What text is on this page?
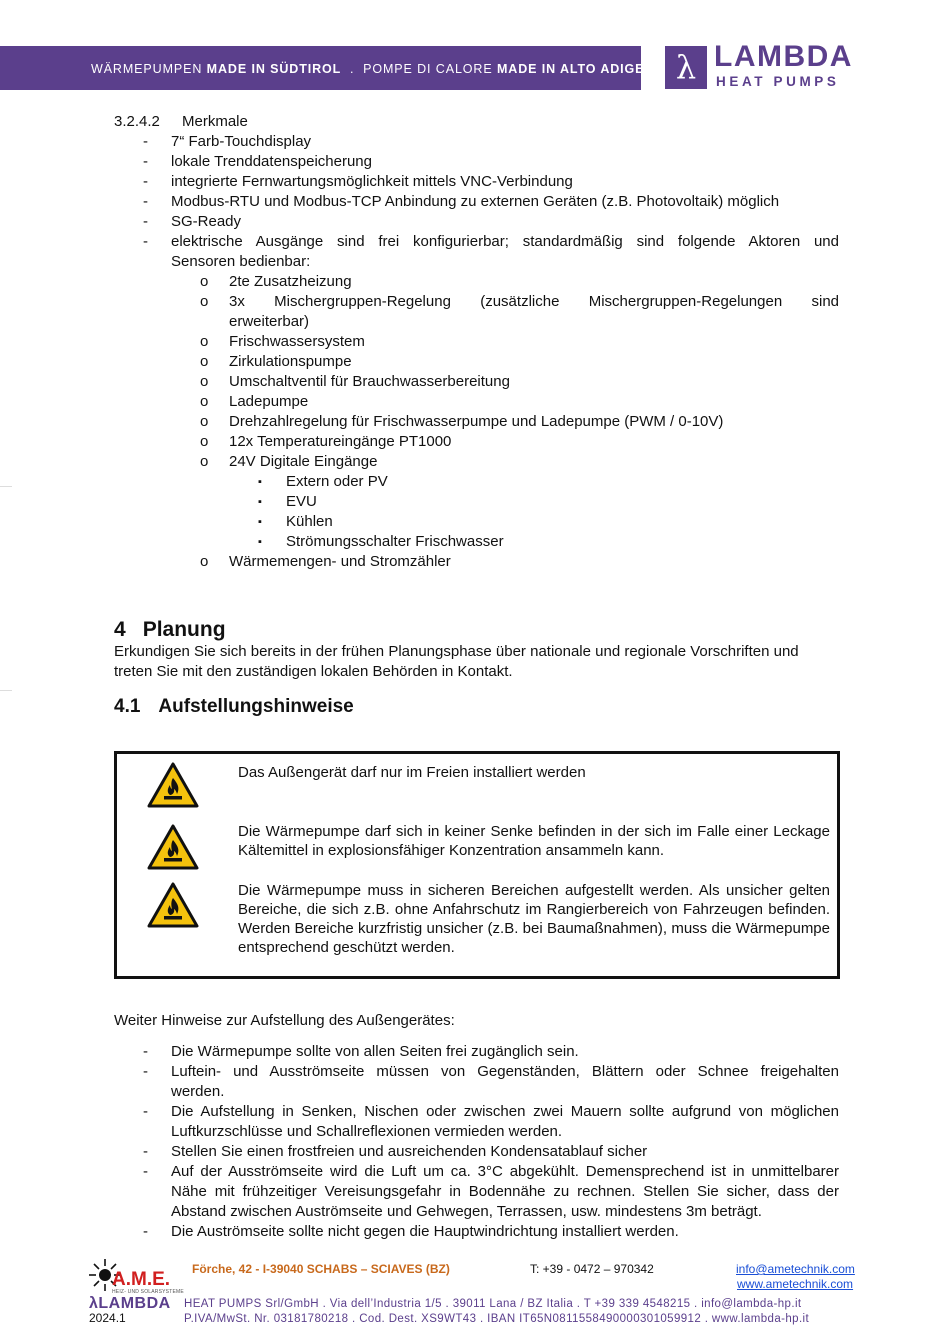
WÄRMEPUMPEN MADE IN SÜDTIROL  .  POMPE DI CALORE MADE IN ALTO ADIGE λ LAMBDA
HEAT PUMPS
3.2.4.2 Merkmale
- 7“ Farb-Touchdisplay
- lokale Trenddatenspeicherung
- integrierte Fernwartungsmöglichkeit mittels VNC-Verbindung
- Modbus-RTU und Modbus-TCP Anbindung zu externen Geräten (z.B. Photovoltaik) möglich
- SG-Ready
- elektrische Ausgänge sind frei konfigurierbar; standardmäßig sind folgende Aktoren und
Sensoren bedienbar:
o 2te Zusatzheizung
o 3x Mischergruppen-Regelung (zusätzliche Mischergruppen-Regelungen sind
erweiterbar)
o Frischwassersystem
o Zirkulationspumpe
o Umschaltventil für Brauchwasserbereitung
o Ladepumpe
o Drehzahlregelung für Frischwasserpumpe und Ladepumpe (PWM / 0-10V)
o 12x Temperatureingänge PT1000
o 24V Digitale Eingänge
▪ Extern oder PV
▪ EVU
▪ Kühlen
▪ Strömungsschalter Frischwasser
o Wärmemengen- und Stromzähler
4 Planung
Erkundigen Sie sich bereits in der frühen Planungsphase über nationale und regionale Vorschriften und
treten Sie mit den zuständigen lokalen Behörden in Kontakt.
4.1 Aufstellungshinweise
Das Außengerät darf nur im Freien installiert werden
Die Wärmepumpe darf sich in keiner Senke befinden in der sich im Falle einer Leckage Kältemittel in explosionsfähiger Konzentration ansammeln kann.
Die Wärmepumpe muss in sicheren Bereichen aufgestellt werden. Als unsicher gelten Bereiche, die sich z.B. ohne Anfahrschutz im Rangierbereich von Fahrzeugen befinden. Werden Bereiche kurzfristig unsicher (z.B. bei Baumaßnahmen), muss die Wärmepumpe entsprechend geschützt werden.
Weiter Hinweise zur Aufstellung des Außengerätes:
- Die Wärmepumpe sollte von allen Seiten frei zugänglich sein.
- Luftein- und Ausströmseite müssen von Gegenständen, Blättern oder Schnee freigehalten
werden.
- Die Aufstellung in Senken, Nischen oder zwischen zwei Mauern sollte aufgrund von möglichen
Luftkurzschlüsse und Schallreflexionen vermieden werden.
- Stellen Sie einen frostfreien und ausreichenden Kondensatablauf sicher
- Auf der Ausströmseite wird die Luft um ca. 3°C abgekühlt. Demensprechend ist in unmittelbarer
Nähe mit frühzeitiger Vereisungsgefahr in Bodennähe zu rechnen. Stellen Sie sicher, dass der
Abstand zwischen Auströmseite und Gehwegen, Terrassen, usw. mindestens 3m beträgt.
- Die Auströmseite sollte nicht gegen die Hauptwindrichtung installiert werden.
A.M.E.
HEIZ- UND SOLARSYSTEME
Förche, 42 - I-39040 SCHABS – SCIAVES (BZ)	T: +39 - 0472 – 970342	info@ametechnik.com
www.ametechnik.com
λLAMBDA HEAT PUMPS Srl/GmbH . Via dell’Industria 1/5 . 39011 Lana / BZ Italia . T +39 339 4548215 . info@lambda-hp.it
P.IVA/MwSt. Nr. 03181780218 . Cod. Dest. XS9WT43 . IBAN IT65N0811558490000301059912 . www.lambda-hp.it
2024.1
